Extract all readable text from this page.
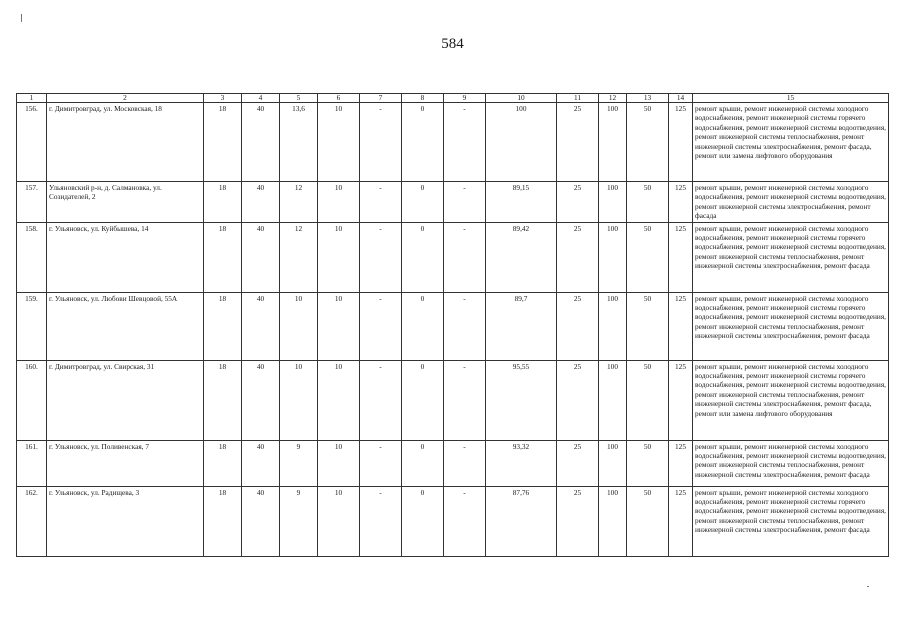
584
1	2	3	4	5	6	7	8	9	10	11	12	13	14	15
156.	г. Димитровград, ул. Московская, 18	18	40	13,6	10	-	0	-	100	25	100	50	125	ремонт крыши, ремонт инженерной системы холодного водоснабжения, ремонт инженерной системы горячего водоснабжения, ремонт инженерной системы водоотведения, ремонт инженерной системы теплоснабжения, ремонт инженерной системы электроснабжения, ремонт фасада, ремонт или замена лифтового оборудования
157.	Ульяновский р-н, д. Салмановка, ул. Созидателей, 2	18	40	12	10	-	0	-	89,15	25	100	50	125	ремонт крыши, ремонт инженерной системы холодного водоснабжения, ремонт инженерной системы водоотведения, ремонт инженерной системы электроснабжения, ремонт фасада
158.	г. Ульяновск, ул. Куйбышева, 14	18	40	12	10	-	0	-	89,42	25	100	50	125	ремонт крыши, ремонт инженерной системы холодного водоснабжения, ремонт инженерной системы горячего водоснабжения, ремонт инженерной системы водоотведения, ремонт инженерной системы теплоснабжения, ремонт инженерной системы электроснабжения, ремонт фасада
159.	г. Ульяновск, ул. Любови Шевцовой, 55А	18	40	10	10	-	0	-	89,7	25	100	50	125	ремонт крыши, ремонт инженерной системы холодного водоснабжения, ремонт инженерной системы горячего водоснабжения, ремонт инженерной системы водоотведения, ремонт инженерной системы теплоснабжения, ремонт инженерной системы электроснабжения, ремонт фасада
160.	г. Димитровград, ул. Свирская, 31	18	40	10	10	-	0	-	95,55	25	100	50	125	ремонт крыши, ремонт инженерной системы холодного водоснабжения, ремонт инженерной системы горячего водоснабжения, ремонт инженерной системы водоотведения, ремонт инженерной системы теплоснабжения, ремонт инженерной системы электроснабжения, ремонт фасада, ремонт или замена лифтового оборудования
161.	г. Ульяновск, ул. Поливенская, 7	18	40	9	10	-	0	-	93,32	25	100	50	125	ремонт крыши, ремонт инженерной системы холодного водоснабжения, ремонт инженерной системы водоотведения, ремонт инженерной системы теплоснабжения, ремонт инженерной системы электроснабжения, ремонт фасада
162.	г. Ульяновск, ул. Радищева, 3	18	40	9	10	-	0	-	87,76	25	100	50	125	ремонт крыши, ремонт инженерной системы холодного водоснабжения, ремонт инженерной системы горячего водоснабжения, ремонт инженерной системы водоотведения, ремонт инженерной системы теплоснабжения, ремонт инженерной системы электроснабжения, ремонт фасада
